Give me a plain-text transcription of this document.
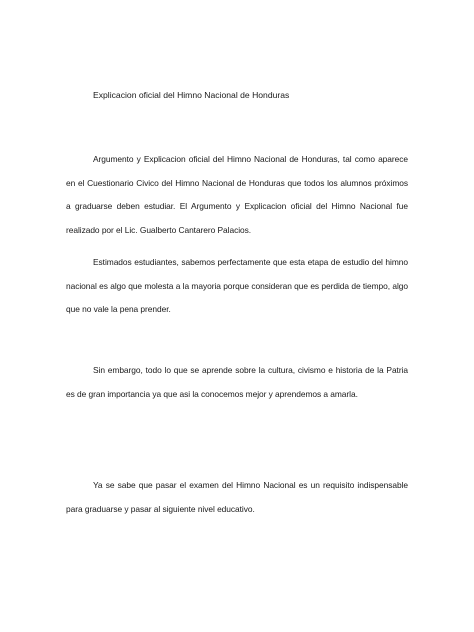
Explicacion oficial del Himno Nacional de Honduras

Argumento y Explicacion oficial del Himno Nacional de Honduras, tal como aparece en el Cuestionario Civico del Himno Nacional de Honduras que todos los alumnos próximos a graduarse deben estudiar. El Argumento y Explicacion oficial del Himno Nacional fue realizado por el Lic. Gualberto Cantarero Palacios.

Estimados estudiantes, sabemos perfectamente que esta etapa de estudio del himno nacional es algo que molesta a la mayoria porque consideran que es perdida de tiempo, algo que no vale la pena prender.

Sin embargo, todo lo que se aprende sobre la cultura, civismo e historia de la Patria es de gran importancia ya que asi la conocemos mejor y aprendemos a amarla.

Ya se sabe que pasar el examen del Himno Nacional es un requisito indispensable para graduarse y pasar al siguiente nivel educativo.
